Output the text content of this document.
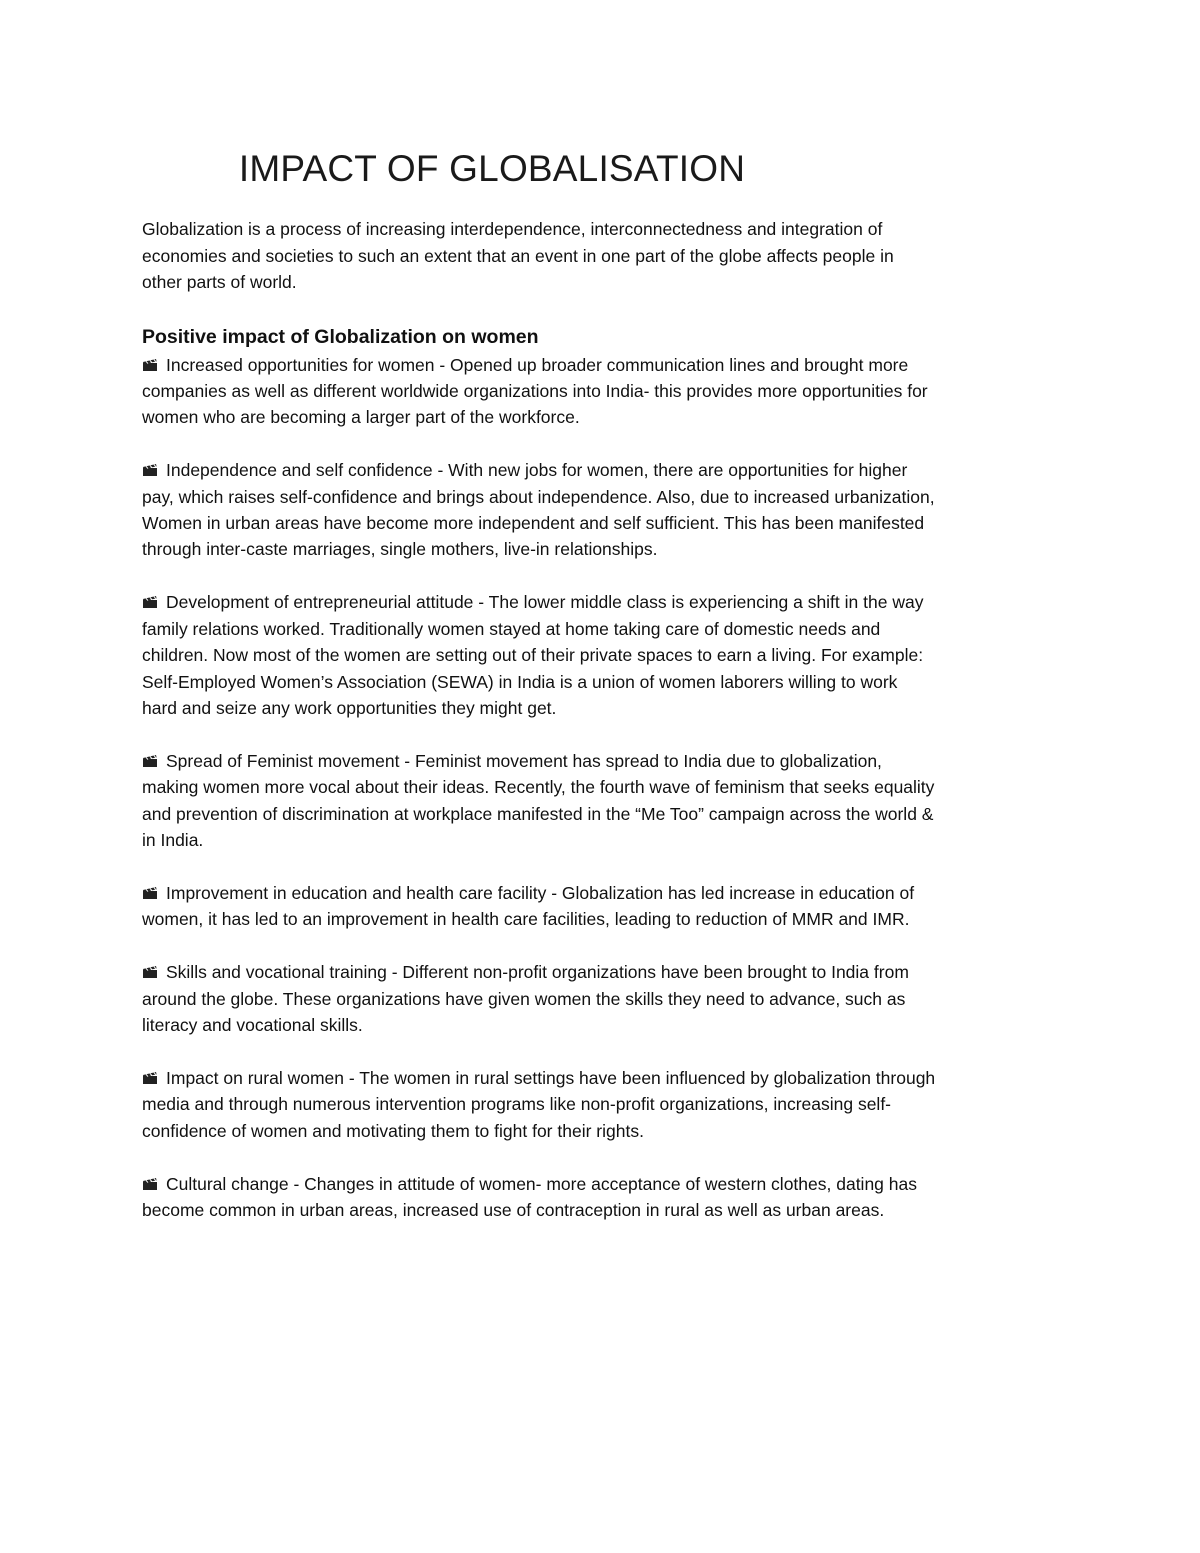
IMPACT OF GLOBALISATION

Globalization is a process of increasing interdependence, interconnectedness and integration of economies and societies to such an extent that an event in one part of the globe affects people in other parts of world.

Positive impact of Globalization on women

Increased opportunities for women - Opened up broader communication lines and brought more companies as well as different worldwide organizations into India- this provides more opportunities for women who are becoming a larger part of the workforce.

Independence and self confidence - With new jobs for women, there are opportunities for higher pay, which raises self-confidence and brings about independence. Also, due to increased urbanization, Women in urban areas have become more independent and self sufficient. This has been manifested through inter-caste marriages, single mothers, live-in relationships.

Development of entrepreneurial attitude - The lower middle class is experiencing a shift in the way family relations worked. Traditionally women stayed at home taking care of domestic needs and children. Now most of the women are setting out of their private spaces to earn a living. For example: Self-Employed Women’s Association (SEWA) in India is a union of women laborers willing to work hard and seize any work opportunities they might get.

Spread of Feminist movement - Feminist movement has spread to India due to globalization, making women more vocal about their ideas. Recently, the fourth wave of feminism that seeks equality and prevention of discrimination at workplace manifested in the “Me Too” campaign across the world & in India.

Improvement in education and health care facility - Globalization has led increase in education of women, it has led to an improvement in health care facilities, leading to reduction of MMR and IMR.

Skills and vocational training - Different non-profit organizations have been brought to India from around the globe. These organizations have given women the skills they need to advance, such as literacy and vocational skills.

Impact on rural women - The women in rural settings have been influenced by globalization through media and through numerous intervention programs like non-profit organizations, increasing self-confidence of women and motivating them to fight for their rights.

Cultural change - Changes in attitude of women- more acceptance of western clothes, dating has become common in urban areas, increased use of contraception in rural as well as urban areas.
